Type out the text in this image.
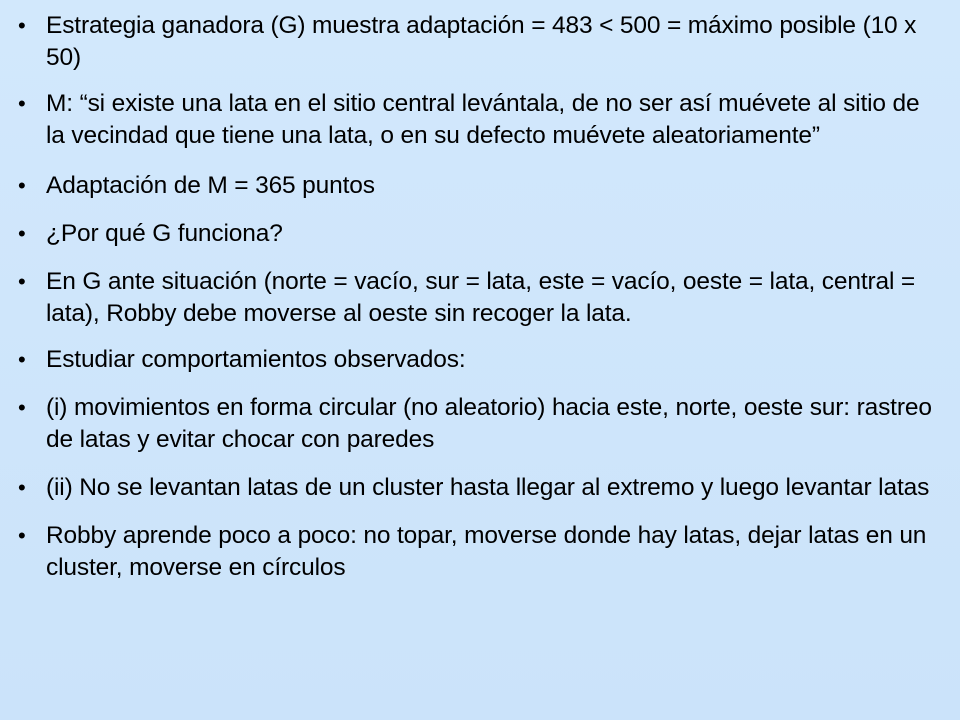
• Estrategia ganadora (G) muestra adaptación = 483 < 500 = máximo posible (10 x 50)
• M: “si existe una lata en el sitio central levántala, de no ser así muévete al sitio de la vecindad que tiene una lata, o en su defecto muévete aleatoriamente”
• Adaptación de M = 365 puntos
• ¿Por qué G funciona?
• En G ante situación (norte = vacío, sur = lata, este = vacío, oeste = lata, central = lata), Robby debe moverse al oeste sin recoger la lata.
• Estudiar comportamientos observados:
• (i) movimientos en forma circular (no aleatorio) hacia este, norte, oeste sur: rastreo de latas y evitar chocar con paredes
• (ii) No se levantan latas de un cluster hasta llegar al extremo y luego levantar latas
• Robby aprende poco a poco: no topar, moverse donde hay latas, dejar latas en un cluster, moverse en círculos
